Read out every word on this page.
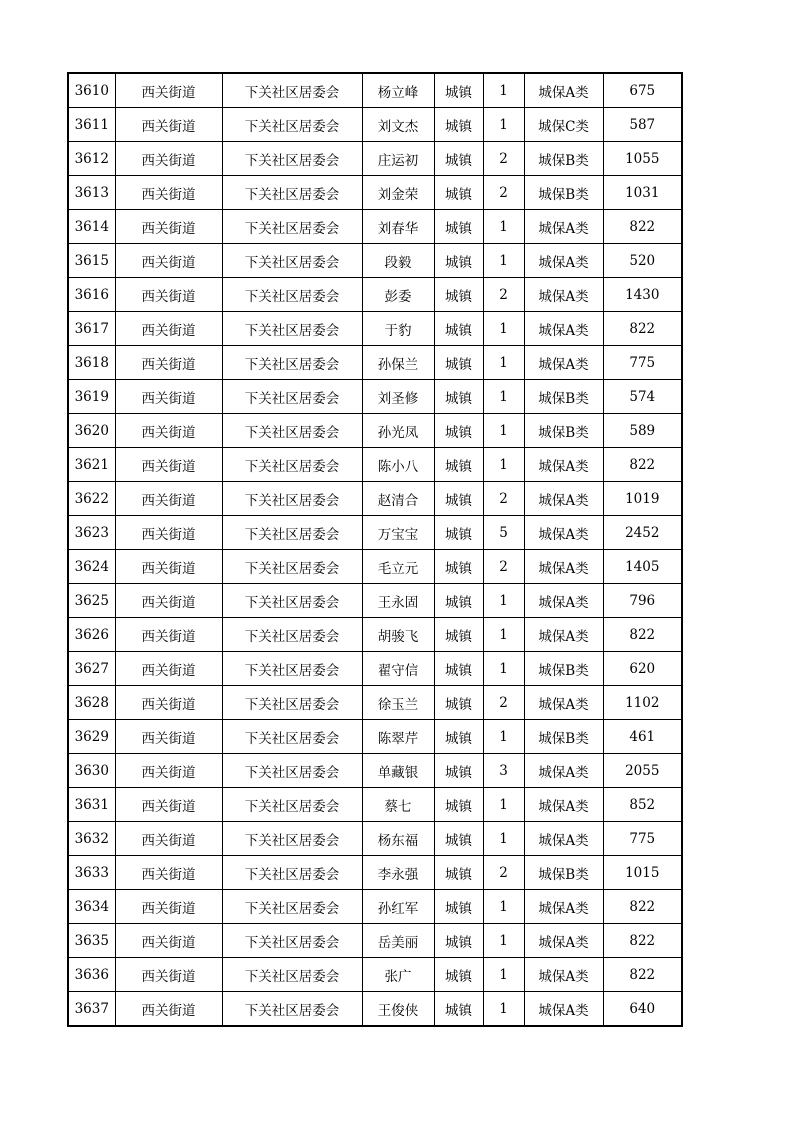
3610	西关街道	下关社区居委会	杨立峰	城镇	1	城保A类	675
3611	西关街道	下关社区居委会	刘文杰	城镇	1	城保C类	587
3612	西关街道	下关社区居委会	庄运初	城镇	2	城保B类	1055
3613	西关街道	下关社区居委会	刘金荣	城镇	2	城保B类	1031
3614	西关街道	下关社区居委会	刘春华	城镇	1	城保A类	822
3615	西关街道	下关社区居委会	段毅	城镇	1	城保A类	520
3616	西关街道	下关社区居委会	彭委	城镇	2	城保A类	1430
3617	西关街道	下关社区居委会	于豹	城镇	1	城保A类	822
3618	西关街道	下关社区居委会	孙保兰	城镇	1	城保A类	775
3619	西关街道	下关社区居委会	刘圣修	城镇	1	城保B类	574
3620	西关街道	下关社区居委会	孙光凤	城镇	1	城保B类	589
3621	西关街道	下关社区居委会	陈小八	城镇	1	城保A类	822
3622	西关街道	下关社区居委会	赵清合	城镇	2	城保A类	1019
3623	西关街道	下关社区居委会	万宝宝	城镇	5	城保A类	2452
3624	西关街道	下关社区居委会	毛立元	城镇	2	城保A类	1405
3625	西关街道	下关社区居委会	王永固	城镇	1	城保A类	796
3626	西关街道	下关社区居委会	胡骏飞	城镇	1	城保A类	822
3627	西关街道	下关社区居委会	翟守信	城镇	1	城保B类	620
3628	西关街道	下关社区居委会	徐玉兰	城镇	2	城保A类	1102
3629	西关街道	下关社区居委会	陈翠芹	城镇	1	城保B类	461
3630	西关街道	下关社区居委会	单藏银	城镇	3	城保A类	2055
3631	西关街道	下关社区居委会	蔡七	城镇	1	城保A类	852
3632	西关街道	下关社区居委会	杨东福	城镇	1	城保A类	775
3633	西关街道	下关社区居委会	李永强	城镇	2	城保B类	1015
3634	西关街道	下关社区居委会	孙红军	城镇	1	城保A类	822
3635	西关街道	下关社区居委会	岳美丽	城镇	1	城保A类	822
3636	西关街道	下关社区居委会	张广	城镇	1	城保A类	822
3637	西关街道	下关社区居委会	王俊侠	城镇	1	城保A类	640
